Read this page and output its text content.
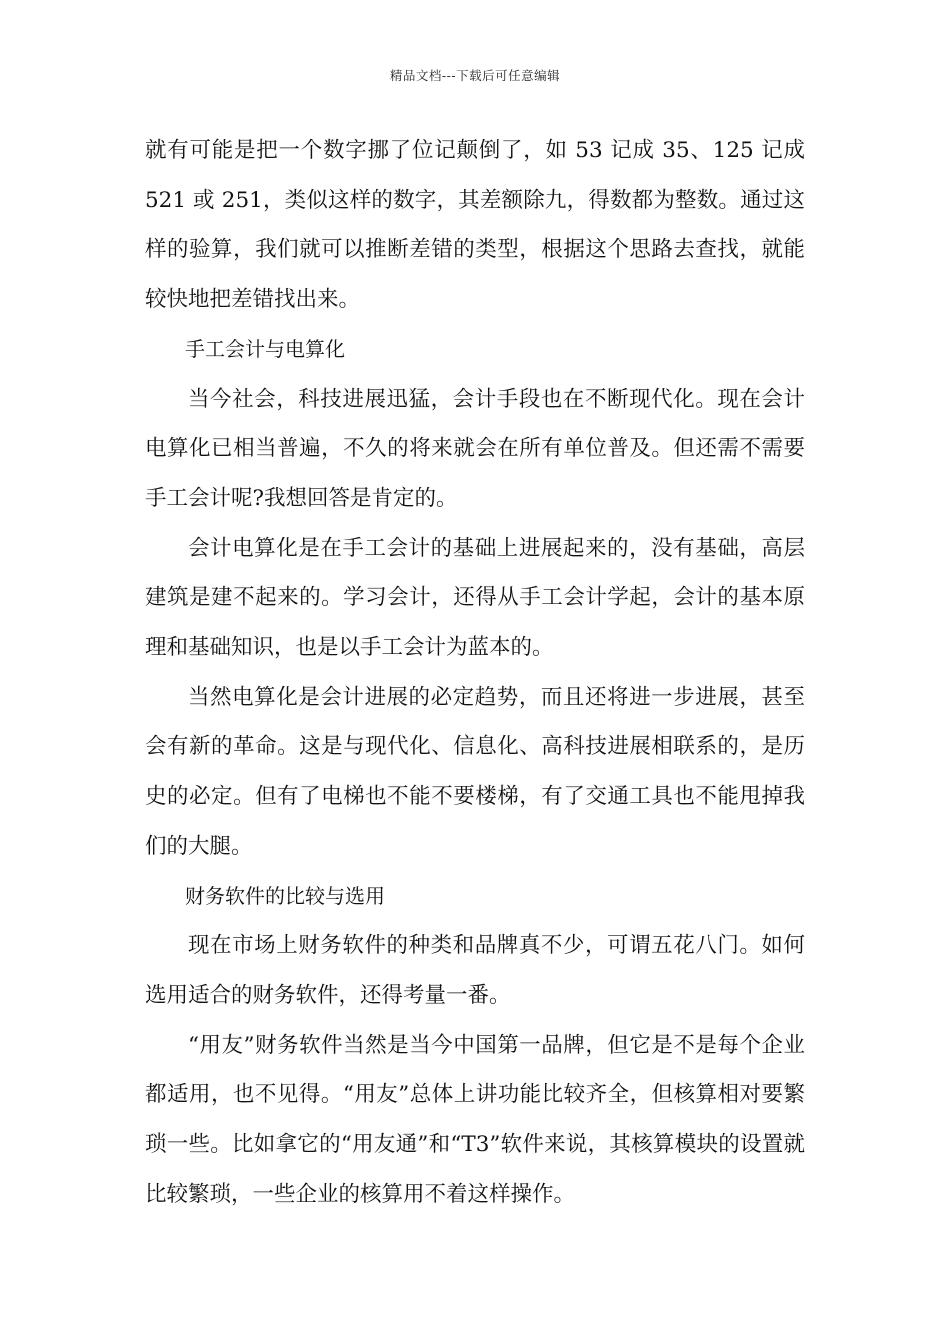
精品文档---下载后可任意编辑

就有可能是把一个数字挪了位记颠倒了，如 53 记成 35、125 记成 521 或 251，类似这样的数字，其差额除九，得数都为整数。通过这样的验算，我们就可以推断差错的类型，根据这个思路去查找，就能较快地把差错找出来。

手工会计与电算化

当今社会，科技进展迅猛，会计手段也在不断现代化。现在会计电算化已相当普遍，不久的将来就会在所有单位普及。但还需不需要手工会计呢?我想回答是肯定的。

会计电算化是在手工会计的基础上进展起来的，没有基础，高层建筑是建不起来的。学习会计，还得从手工会计学起，会计的基本原理和基础知识，也是以手工会计为蓝本的。

当然电算化是会计进展的必定趋势，而且还将进一步进展，甚至会有新的革命。这是与现代化、信息化、高科技进展相联系的，是历史的必定。但有了电梯也不能不要楼梯，有了交通工具也不能甩掉我们的大腿。

财务软件的比较与选用

现在市场上财务软件的种类和品牌真不少，可谓五花八门。如何选用适合的财务软件，还得考量一番。

“用友”财务软件当然是当今中国第一品牌，但它是不是每个企业都适用，也不见得。“用友”总体上讲功能比较齐全，但核算相对要繁琐一些。比如拿它的“用友通”和“T3”软件来说，其核算模块的设置就比较繁琐，一些企业的核算用不着这样操作。
